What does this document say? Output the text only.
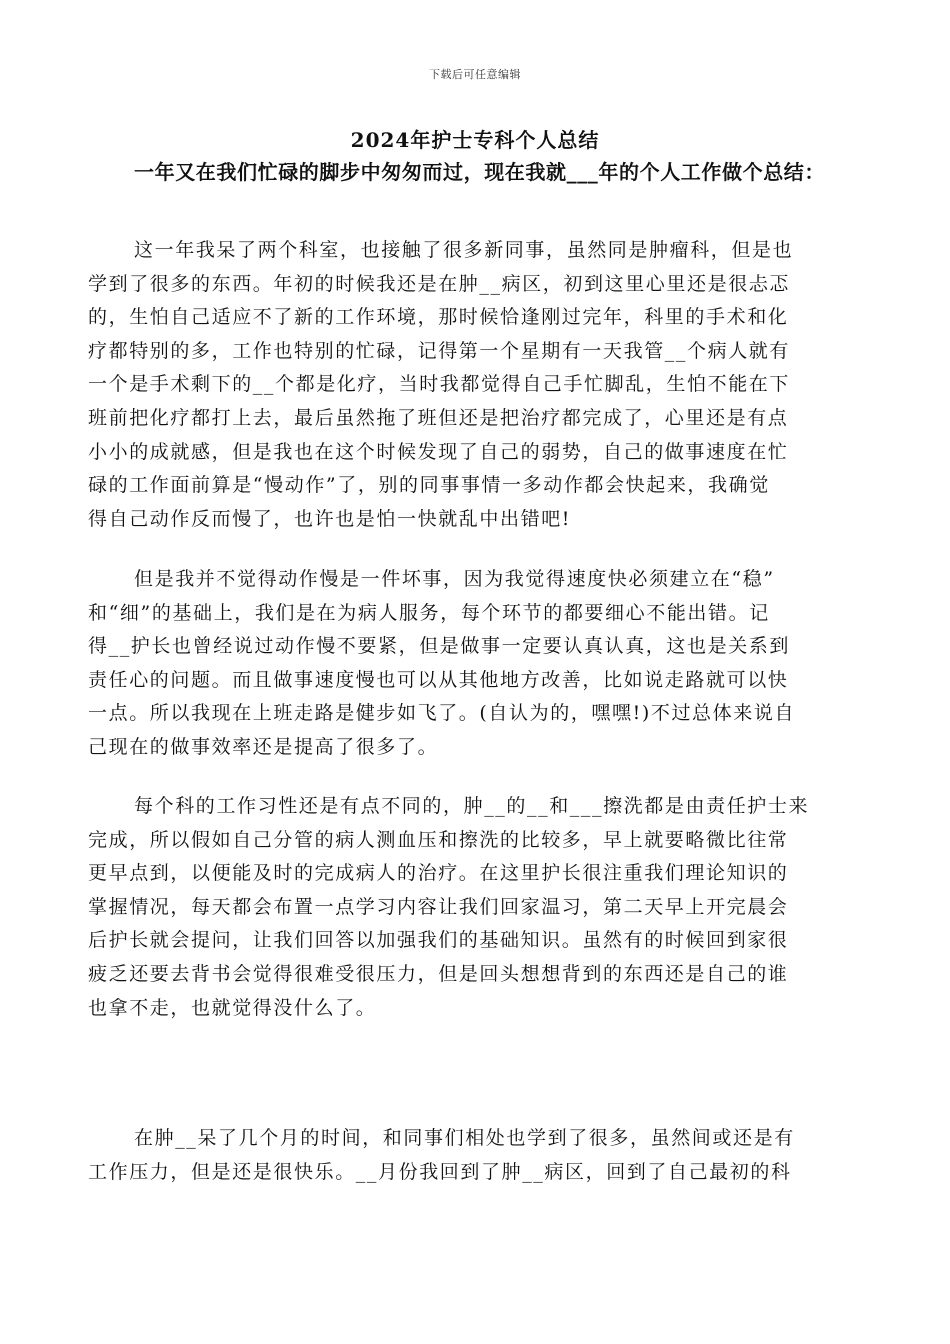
下载后可任意编辑
2024年护士专科个人总结
一年又在我们忙碌的脚步中匆匆而过，现在我就___年的个人工作做个总结：
这一年我呆了两个科室，也接触了很多新同事，虽然同是肿瘤科，但是也
学到了很多的东西。年初的时候我还是在肿__病区，初到这里心里还是很忐忑
的，生怕自己适应不了新的工作环境，那时候恰逢刚过完年，科里的手术和化
疗都特别的多，工作也特别的忙碌，记得第一个星期有一天我管__个病人就有
一个是手术剩下的__个都是化疗，当时我都觉得自己手忙脚乱，生怕不能在下
班前把化疗都打上去，最后虽然拖了班但还是把治疗都完成了，心里还是有点
小小的成就感，但是我也在这个时候发现了自己的弱势，自己的做事速度在忙
碌的工作面前算是“慢动作”了，别的同事事情一多动作都会快起来，我确觉
得自己动作反而慢了，也许也是怕一快就乱中出错吧!
但是我并不觉得动作慢是一件坏事，因为我觉得速度快必须建立在“稳”
和“细”的基础上，我们是在为病人服务，每个环节的都要细心不能出错。记
得__护长也曾经说过动作慢不要紧，但是做事一定要认真认真，这也是关系到
责任心的问题。而且做事速度慢也可以从其他地方改善，比如说走路就可以快
一点。所以我现在上班走路是健步如飞了。(自认为的，嘿嘿!)不过总体来说自
己现在的做事效率还是提高了很多了。
每个科的工作习性还是有点不同的，肿__的__和___擦洗都是由责任护士来
完成，所以假如自己分管的病人测血压和擦洗的比较多，早上就要略微比往常
更早点到，以便能及时的完成病人的治疗。在这里护长很注重我们理论知识的
掌握情况，每天都会布置一点学习内容让我们回家温习，第二天早上开完晨会
后护长就会提问，让我们回答以加强我们的基础知识。虽然有的时候回到家很
疲乏还要去背书会觉得很难受很压力，但是回头想想背到的东西还是自己的谁
也拿不走，也就觉得没什么了。
在肿__呆了几个月的时间，和同事们相处也学到了很多，虽然间或还是有
工作压力，但是还是很快乐。__月份我回到了肿__病区，回到了自己最初的科
